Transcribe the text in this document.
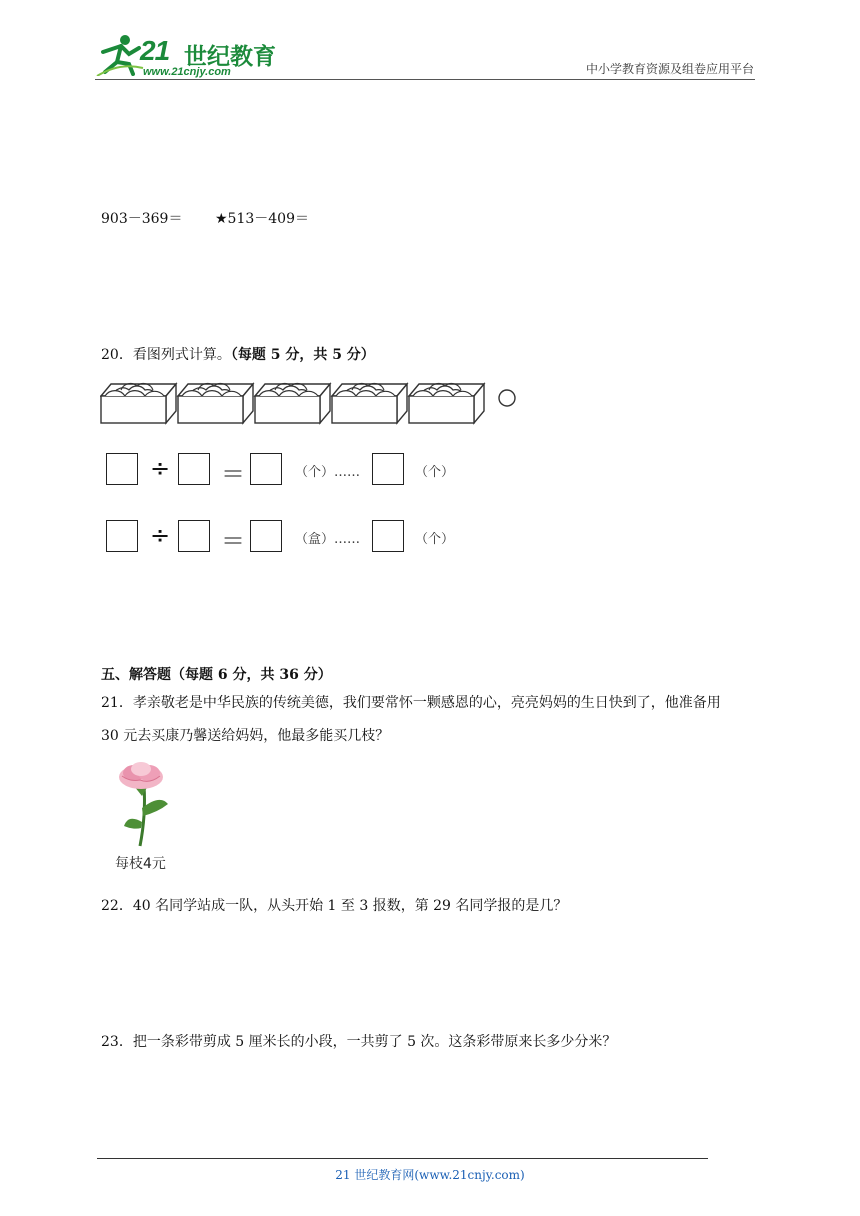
21 世纪教育
www.21cnjy.com	中小学教育资源及组卷应用平台
903－369＝ ★513－409＝
20．看图列式计算。（每题 5 分，共 5 分）
÷ ＝	（个）……	（个）
÷ ＝	（盒）……	（个）
五、解答题（每题 6 分，共 36 分）
21．孝亲敬老是中华民族的传统美德，我们要常怀一颗感恩的心，亮亮妈妈的生日快到了，他准备用
30 元去买康乃馨送给妈妈，他最多能买几枝？
每枝4元
22．40 名同学站成一队，从头开始 1 至 3 报数，第 29 名同学报的是几？
23．把一条彩带剪成 5 厘米长的小段，一共剪了 5 次。这条彩带原来长多少分米？
21 世纪教育网(www.21cnjy.com)
